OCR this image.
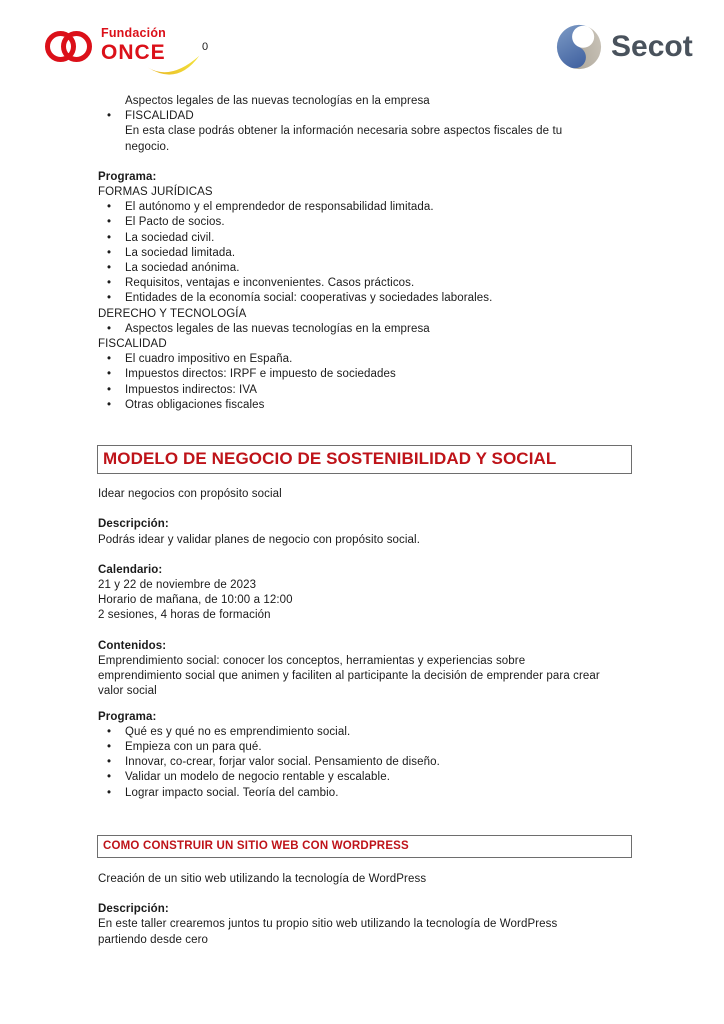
Fundación
ONCE	0	Secot
Aspectos legales de las nuevas tecnologías en la empresa
•	FISCALIDAD
En esta clase podrás obtener la información necesaria sobre aspectos fiscales de tu negocio.
Programa:
FORMAS JURÍDICAS
•	El autónomo y el emprendedor de responsabilidad limitada.
•	El Pacto de socios.
•	La sociedad civil.
•	La sociedad limitada.
•	La sociedad anónima.
•	Requisitos, ventajas e inconvenientes. Casos prácticos.
•	Entidades de la economía social: cooperativas y sociedades laborales.
DERECHO Y TECNOLOGÍA
•	Aspectos legales de las nuevas tecnologías en la empresa
FISCALIDAD
•	El cuadro impositivo en España.
•	Impuestos directos: IRPF e impuesto de sociedades
•	Impuestos indirectos: IVA
•	Otras obligaciones fiscales
MODELO DE NEGOCIO DE SOSTENIBILIDAD Y SOCIAL
Idear negocios con propósito social
Descripción:
Podrás idear y validar planes de negocio con propósito social.
Calendario:
21 y 22 de noviembre de 2023
Horario de mañana, de 10:00 a 12:00
2 sesiones, 4 horas de formación
Contenidos:
Emprendimiento social: conocer los conceptos, herramientas y experiencias sobre emprendimiento social que animen y faciliten al participante la decisión de emprender para crear valor social
Programa:
•	Qué es y qué no es emprendimiento social.
•	Empieza con un para qué.
•	Innovar, co-crear, forjar valor social. Pensamiento de diseño.
•	Validar un modelo de negocio rentable y escalable.
•	Lograr impacto social. Teoría del cambio.
COMO CONSTRUIR UN SITIO WEB CON WORDPRESS
Creación de un sitio web utilizando la tecnología de WordPress
Descripción:
En este taller crearemos juntos tu propio sitio web utilizando la tecnología de WordPress partiendo desde cero
